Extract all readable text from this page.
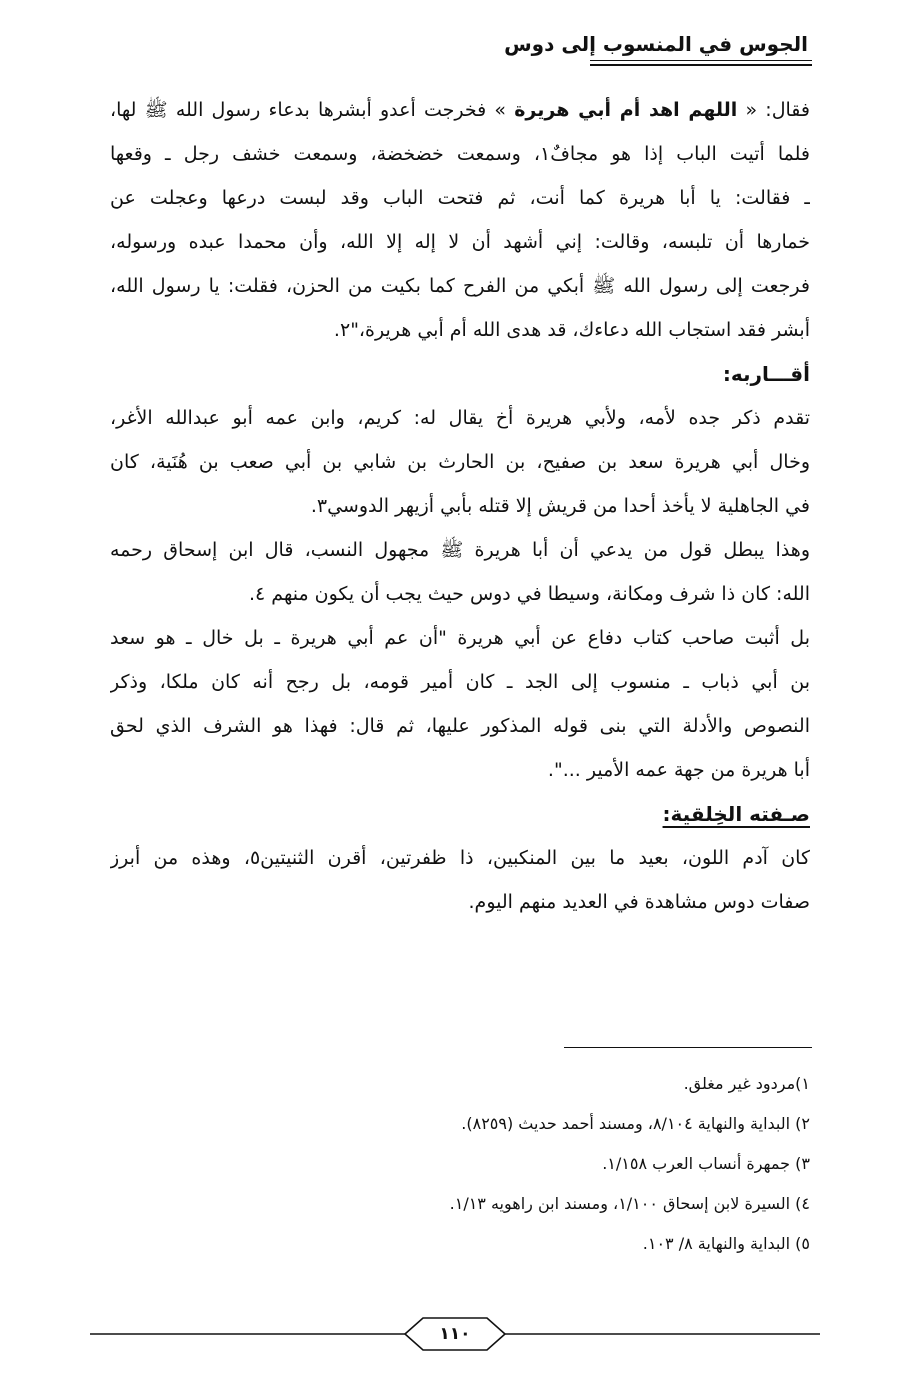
الجوس في المنسوب إلى دوس
فقال: « اللهم اهد أم أبي هريرة » فخرجت أعدو أبشرها بدعاء رسول الله ﷺ لها،
فلما أتيت الباب إذا هو مجافٌ١، وسمعت خضخضة، وسمعت خشف رجل ـ وقعها
ـ فقالت: يا أبا هريرة كما أنت، ثم فتحت الباب وقد لبست درعها وعجلت عن
خمارها أن تلبسه، وقالت: إني أشهد أن لا إله إلا الله، وأن محمدا عبده ورسوله،
فرجعت إلى رسول الله ﷺ أبكي من الفرح كما بكيت من الحزن، فقلت: يا رسول الله،
أبشر فقد استجاب الله دعاءك، قد هدى الله أم أبي هريرة،"٢.
أقـــاربه:
تقدم ذكر جده لأمه، ولأبي هريرة أخ يقال له: كريم، وابن عمه أبو عبدالله الأغر،
وخال أبي هريرة سعد بن صفيح، بن الحارث بن شابي بن أبي صعب بن هُنَية، كان
في الجاهلية لا يأخذ أحدا من قريش إلا قتله بأبي أزيهر الدوسي٣.
وهذا يبطل قول من يدعي أن أبا هريرة ﷺ مجهول النسب، قال ابن إسحاق رحمه
الله: كان ذا شرف ومكانة، وسيطا في دوس حيث يجب أن يكون منهم ٤.
بل أثبت صاحب كتاب دفاع عن أبي هريرة "أن عم أبي هريرة ـ بل خال ـ هو سعد
بن أبي ذباب ـ منسوب إلى الجد ـ كان أمير قومه، بل رجح أنه كان ملكا، وذكر
النصوص والأدلة التي بنى قوله المذكور عليها، ثم قال: فهذا هو الشرف الذي لحق
أبا هريرة من جهة عمه الأمير ...".
صـفته الخِلقية:
كان آدم اللون، بعيد ما بين المنكبين، ذا ظفرتين، أقرن الثنيتين٥، وهذه من أبرز
صفات دوس مشاهدة في العديد منهم اليوم.
١)مردود غير مغلق.
٢) البداية والنهاية ٨/١٠٤، ومسند أحمد حديث (٨٢٥٩).
٣) جمهرة أنساب العرب ١/١٥٨.
٤) السيرة لابن إسحاق ١/١٠٠، ومسند ابن راهويه ١/١٣.
٥) البداية والنهاية ٨/ ١٠٣.
١١٠
